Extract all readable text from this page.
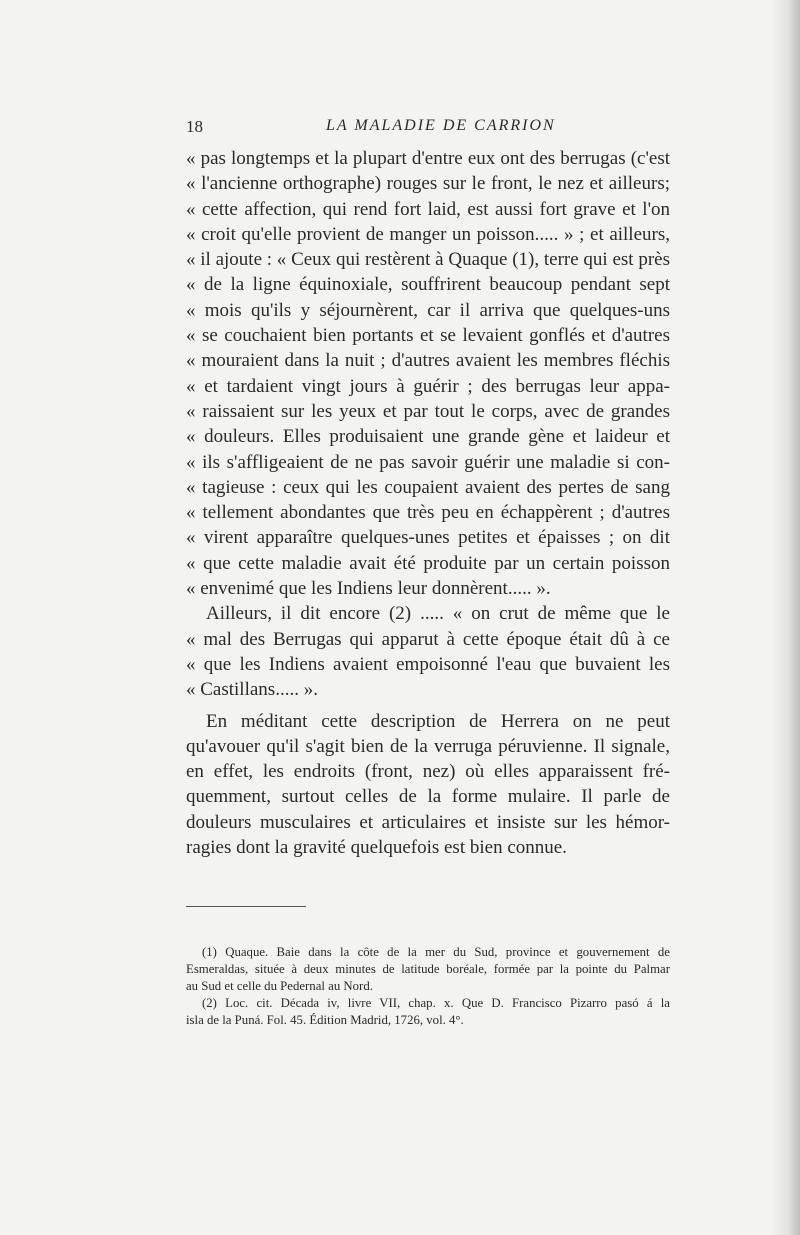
18	LA MALADIE DE CARRION
« pas longtemps et la plupart d'entre eux ont des berrugas (c'est
« l'ancienne orthographe) rouges sur le front, le nez et ailleurs;
« cette affection, qui rend fort laid, est aussi fort grave et l'on
« croit qu'elle provient de manger un poisson..... » ; et ailleurs,
« il ajoute : « Ceux qui restèrent à Quaque (1), terre qui est près
« de la ligne équinoxiale, souffrirent beaucoup pendant sept
« mois qu'ils y séjournèrent, car il arriva que quelques-uns
« se couchaient bien portants et se levaient gonflés et d'autres
« mouraient dans la nuit ; d'autres avaient les membres fléchis
« et tardaient vingt jours à guérir ; des berrugas leur appa-
« raissaient sur les yeux et par tout le corps, avec de grandes
« douleurs. Elles produisaient une grande gène et laideur et
« ils s'affligeaient de ne pas savoir guérir une maladie si con-
« tagieuse : ceux qui les coupaient avaient des pertes de sang
« tellement abondantes que très peu en échappèrent ; d'autres
« virent apparaître quelques-unes petites et épaisses ; on dit
« que cette maladie avait été produite par un certain poisson
« envenimé que les Indiens leur donnèrent..... ».
Ailleurs, il dit encore (2) ..... « on crut de même que le
« mal des Berrugas qui apparut à cette époque était dû à ce
« que les Indiens avaient empoisonné l'eau que buvaient les
« Castillans..... ».
En méditant cette description de Herrera on ne peut
qu'avouer qu'il s'agit bien de la verruga péruvienne. Il signale,
en effet, les endroits (front, nez) où elles apparaissent fré-
quemment, surtout celles de la forme mulaire. Il parle de
douleurs musculaires et articulaires et insiste sur les hémor-
ragies dont la gravité quelquefois est bien connue.
(1) Quaque. Baie dans la côte de la mer du Sud, province et gouvernement de
Esmeraldas, située à deux minutes de latitude boréale, formée par la pointe du Palmar
au Sud et celle du Pedernal au Nord.
(2) Loc. cit. Década iv, livre VII, chap. x. Que D. Francisco Pizarro pasó á la
isla de la Puná. Fol. 45. Édition Madrid, 1726, vol. 4°.
